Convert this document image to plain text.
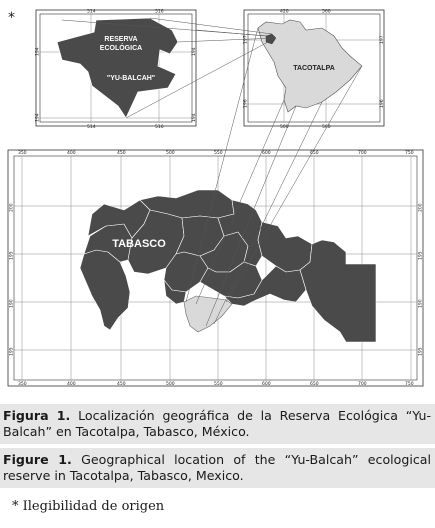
*	514	516
514	516
194
194
194
194
RESERVA
ECOLÓGICA
"YU-BALCAH"
420	560
500	560
197
196
197
196
TACOTALPA
TABASCO
350	400	450	500	550	600	650	700	750
350	400	450	500	550	600	650	700	750
200
195
190
195
200
195
190
195
Figura 1. Localización geográfica de la Reserva Ecológica “Yu-Balcah” en Tacotalpa, Tabasco, México.
Figure 1. Geographical location of the “Yu-Balcah” ecological reserve in Tacotalpa, Tabasco, Mexico.
* Ilegibilidad de origen
